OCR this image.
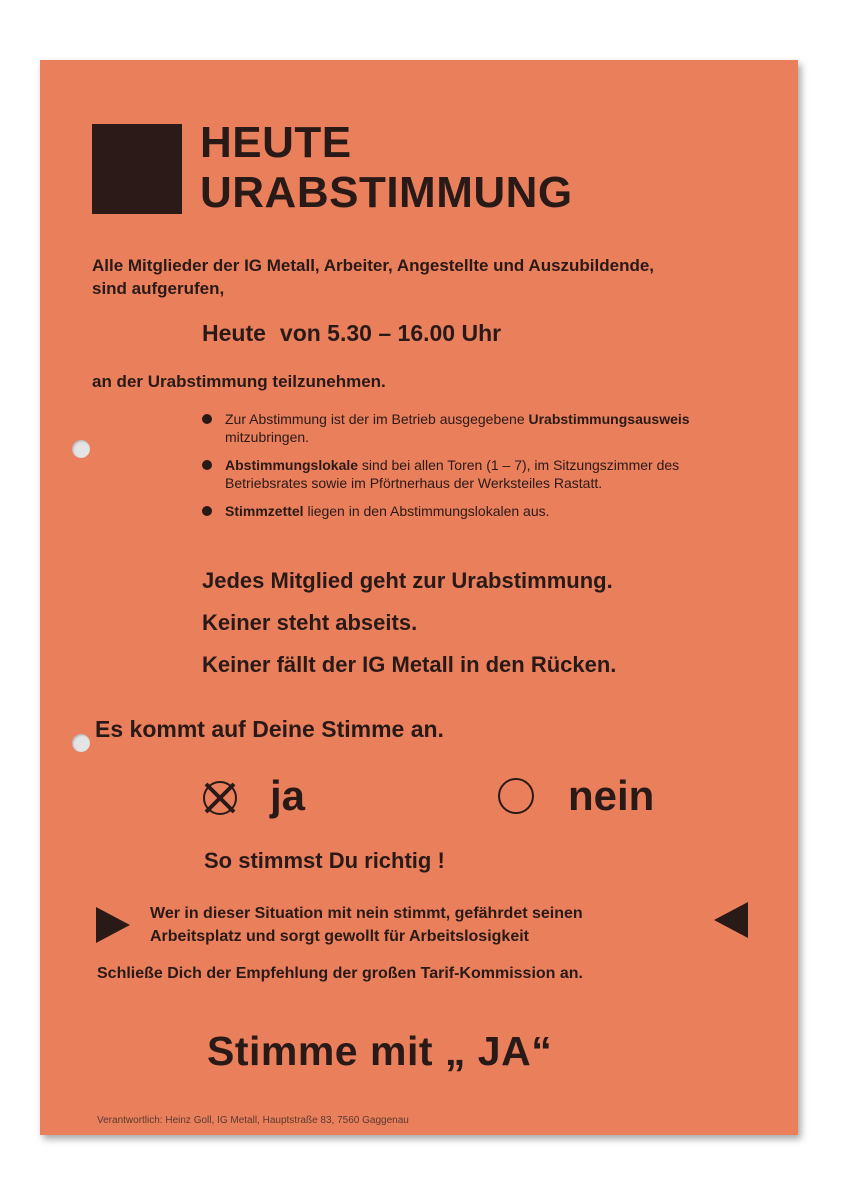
HEUTE
URABSTIMMUNG
Alle Mitglieder der IG Metall, Arbeiter, Angestellte und Auszubildende,
sind aufgerufen,
Heute von 5.30 – 16.00 Uhr
an der Urabstimmung teilzunehmen.
Zur Abstimmung ist der im Betrieb ausgegebene Urabstimmungsausweis mitzubringen.
Abstimmungslokale sind bei allen Toren (1 – 7), im Sitzungszimmer des Betriebsrates sowie im Pförtnerhaus der Werksteiles Rastatt.
Stimmzettel liegen in den Abstimmungslokalen aus.
Jedes Mitglied geht zur Urabstimmung.
Keiner steht abseits.
Keiner fällt der IG Metall in den Rücken.
Es kommt auf Deine Stimme an.
ja	nein
So stimmst Du richtig !
Wer in dieser Situation mit nein stimmt, gefährdet seinen
Arbeitsplatz und sorgt gewollt für Arbeitslosigkeit
Schließe Dich der Empfehlung der großen Tarif-Kommission an.
Stimme mit „ JA“
Verantwortlich: Heinz Goll, IG Metall, Hauptstraße 83, 7560 Gaggenau
